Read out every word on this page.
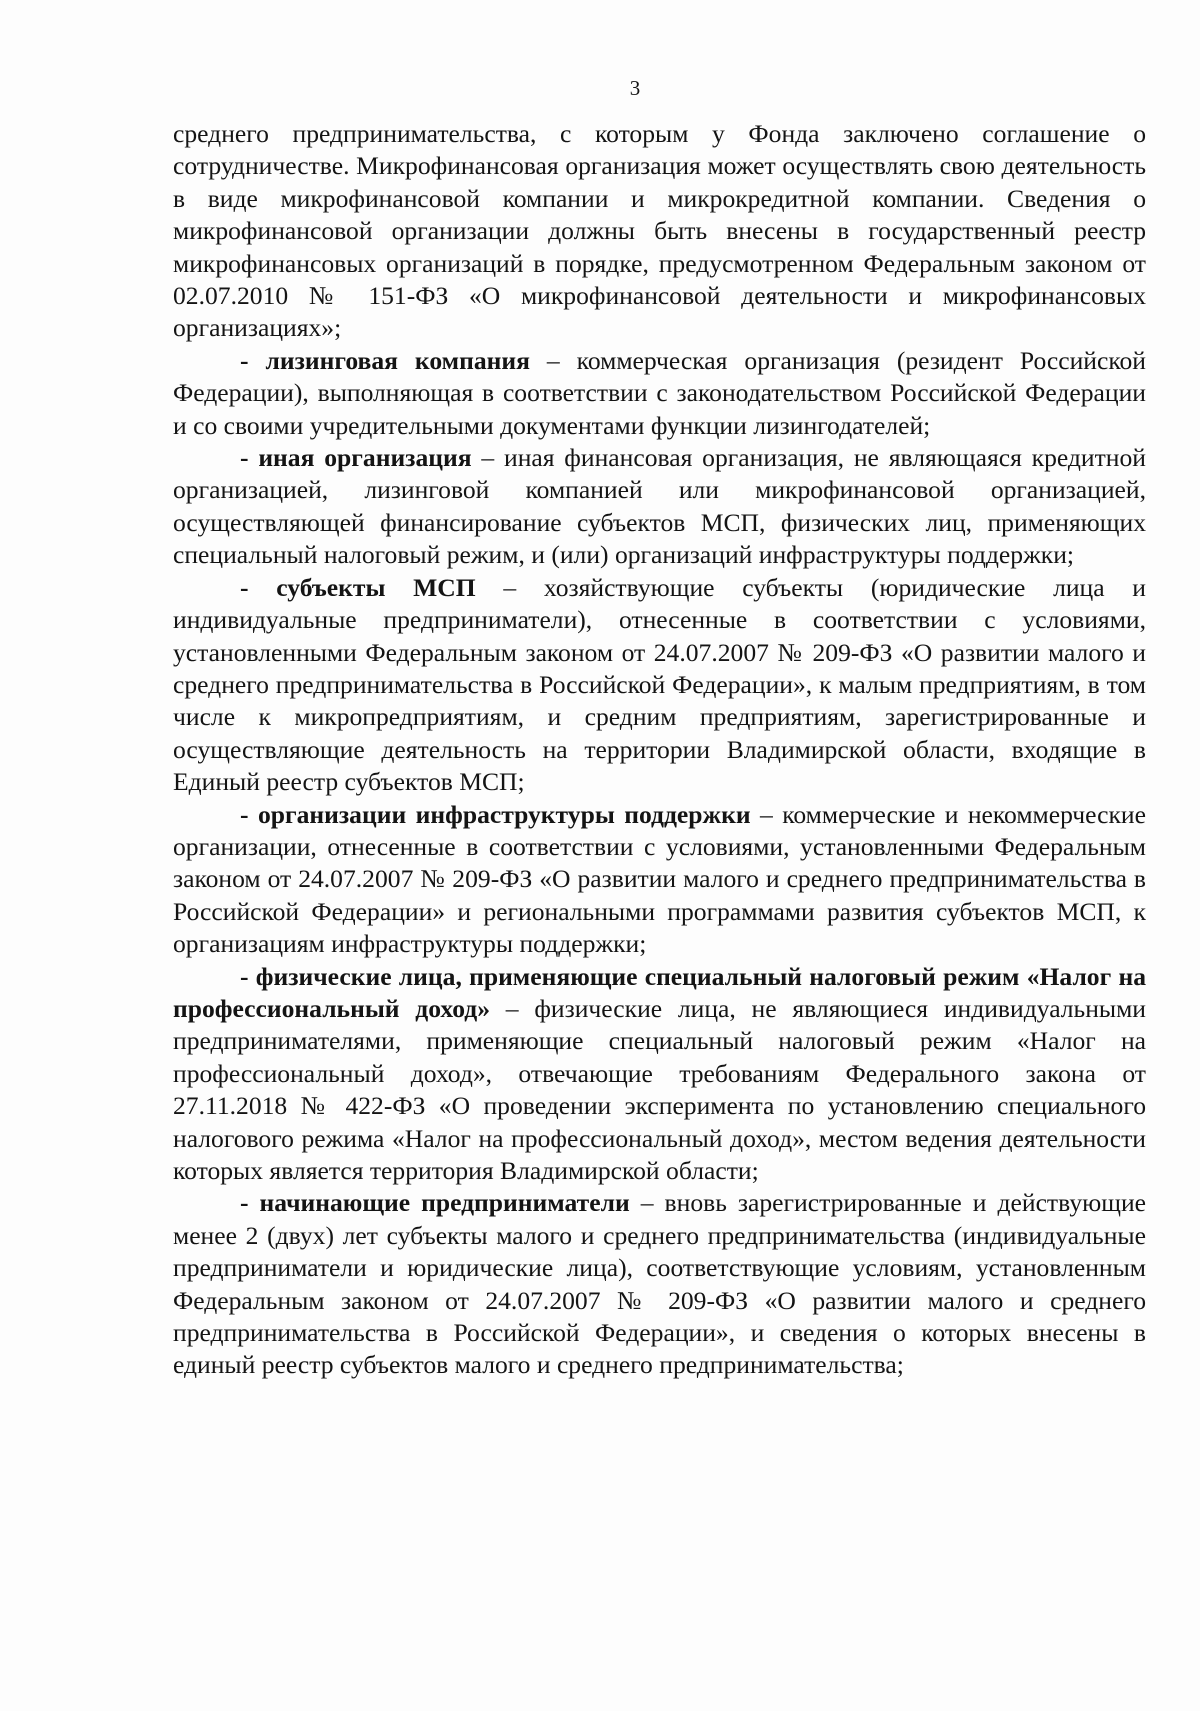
3

среднего предпринимательства, с которым у Фонда заключено соглашение о сотрудничестве. Микрофинансовая организация может осуществлять свою деятельность в виде микрофинансовой компании и микрокредитной компании. Сведения о микрофинансовой организации должны быть внесены в государственный реестр микрофинансовых организаций в порядке, предусмотренном Федеральным законом от 02.07.2010 № 151-ФЗ «О микрофинансовой деятельности и микрофинансовых организациях»;

- лизинговая компания – коммерческая организация (резидент Российской Федерации), выполняющая в соответствии с законодательством Российской Федерации и со своими учредительными документами функции лизингодателей;

- иная организация – иная финансовая организация, не являющаяся кредитной организацией, лизинговой компанией или микрофинансовой организацией, осуществляющей финансирование субъектов МСП, физических лиц, применяющих специальный налоговый режим, и (или) организаций инфраструктуры поддержки;

- субъекты МСП – хозяйствующие субъекты (юридические лица и индивидуальные предприниматели), отнесенные в соответствии с условиями, установленными Федеральным законом от 24.07.2007 № 209-ФЗ «О развитии малого и среднего предпринимательства в Российской Федерации», к малым предприятиям, в том числе к микропредприятиям, и средним предприятиям, зарегистрированные и осуществляющие деятельность на территории Владимирской области, входящие в Единый реестр субъектов МСП;

- организации инфраструктуры поддержки – коммерческие и некоммерческие организации, отнесенные в соответствии с условиями, установленными Федеральным законом от 24.07.2007 № 209-ФЗ «О развитии малого и среднего предпринимательства в Российской Федерации» и региональными программами развития субъектов МСП, к организациям инфраструктуры поддержки;

- физические лица, применяющие специальный налоговый режим «Налог на профессиональный доход» – физические лица, не являющиеся индивидуальными предпринимателями, применяющие специальный налоговый режим «Налог на профессиональный доход», отвечающие требованиям Федерального закона от 27.11.2018 № 422-ФЗ «О проведении эксперимента по установлению специального налогового режима «Налог на профессиональный доход», местом ведения деятельности которых является территория Владимирской области;

- начинающие предприниматели – вновь зарегистрированные и действующие менее 2 (двух) лет субъекты малого и среднего предпринимательства (индивидуальные предприниматели и юридические лица), соответствующие условиям, установленным Федеральным законом от 24.07.2007 № 209-ФЗ «О развитии малого и среднего предпринимательства в Российской Федерации», и сведения о которых внесены в единый реестр субъектов малого и среднего предпринимательства;
